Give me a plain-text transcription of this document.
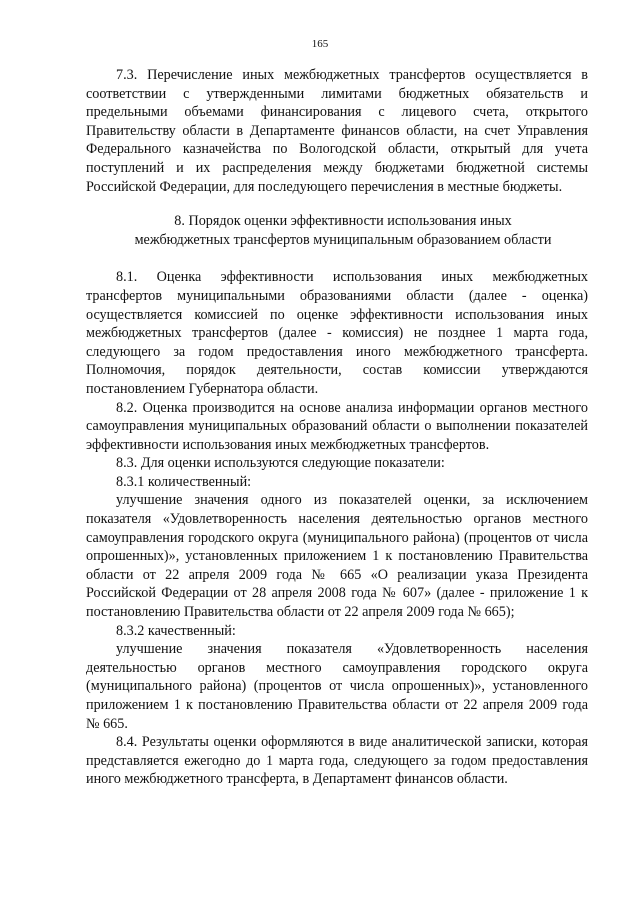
165

7.3. Перечисление иных межбюджетных трансфертов осуществляется в соответствии с утвержденными лимитами бюджетных обязательств и предельными объемами финансирования с лицевого счета, открытого Правительству области в Департаменте финансов области, на счет Управления Федерального казначейства по Вологодской области, открытый для учета поступлений и их распределения между бюджетами бюджетной системы Российской Федерации, для последующего перечисления в местные бюджеты.

8. Порядок оценки эффективности использования иных
межбюджетных трансфертов муниципальным образованием области

8.1. Оценка эффективности использования иных межбюджетных трансфертов муниципальными образованиями области (далее - оценка) осуществляется комиссией по оценке эффективности использования иных межбюджетных трансфертов (далее - комиссия) не позднее 1 марта года, следующего за годом предоставления иного межбюджетного трансферта. Полномочия, порядок деятельности, состав комиссии утверждаются постановлением Губернатора области.

8.2. Оценка производится на основе анализа информации органов местного самоуправления муниципальных образований области о выполнении показателей эффективности использования иных межбюджетных трансфертов.

8.3. Для оценки используются следующие показатели:

8.3.1 количественный:

улучшение значения одного из показателей оценки, за исключением показателя «Удовлетворенность населения деятельностью органов местного самоуправления городского округа (муниципального района) (процентов от числа опрошенных)», установленных приложением 1 к постановлению Правительства области от 22 апреля 2009 года № 665 «О реализации указа Президента Российской Федерации от 28 апреля 2008 года № 607» (далее - приложение 1 к постановлению Правительства области от 22 апреля 2009 года № 665);

8.3.2 качественный:

улучшение значения показателя «Удовлетворенность населения деятельностью органов местного самоуправления городского округа (муниципального района) (процентов от числа опрошенных)», установленного приложением 1 к постановлению Правительства области от 22 апреля 2009 года № 665.

8.4. Результаты оценки оформляются в виде аналитической записки, которая представляется ежегодно до 1 марта года, следующего за годом предоставления иного межбюджетного трансферта, в Департамент финансов области.
